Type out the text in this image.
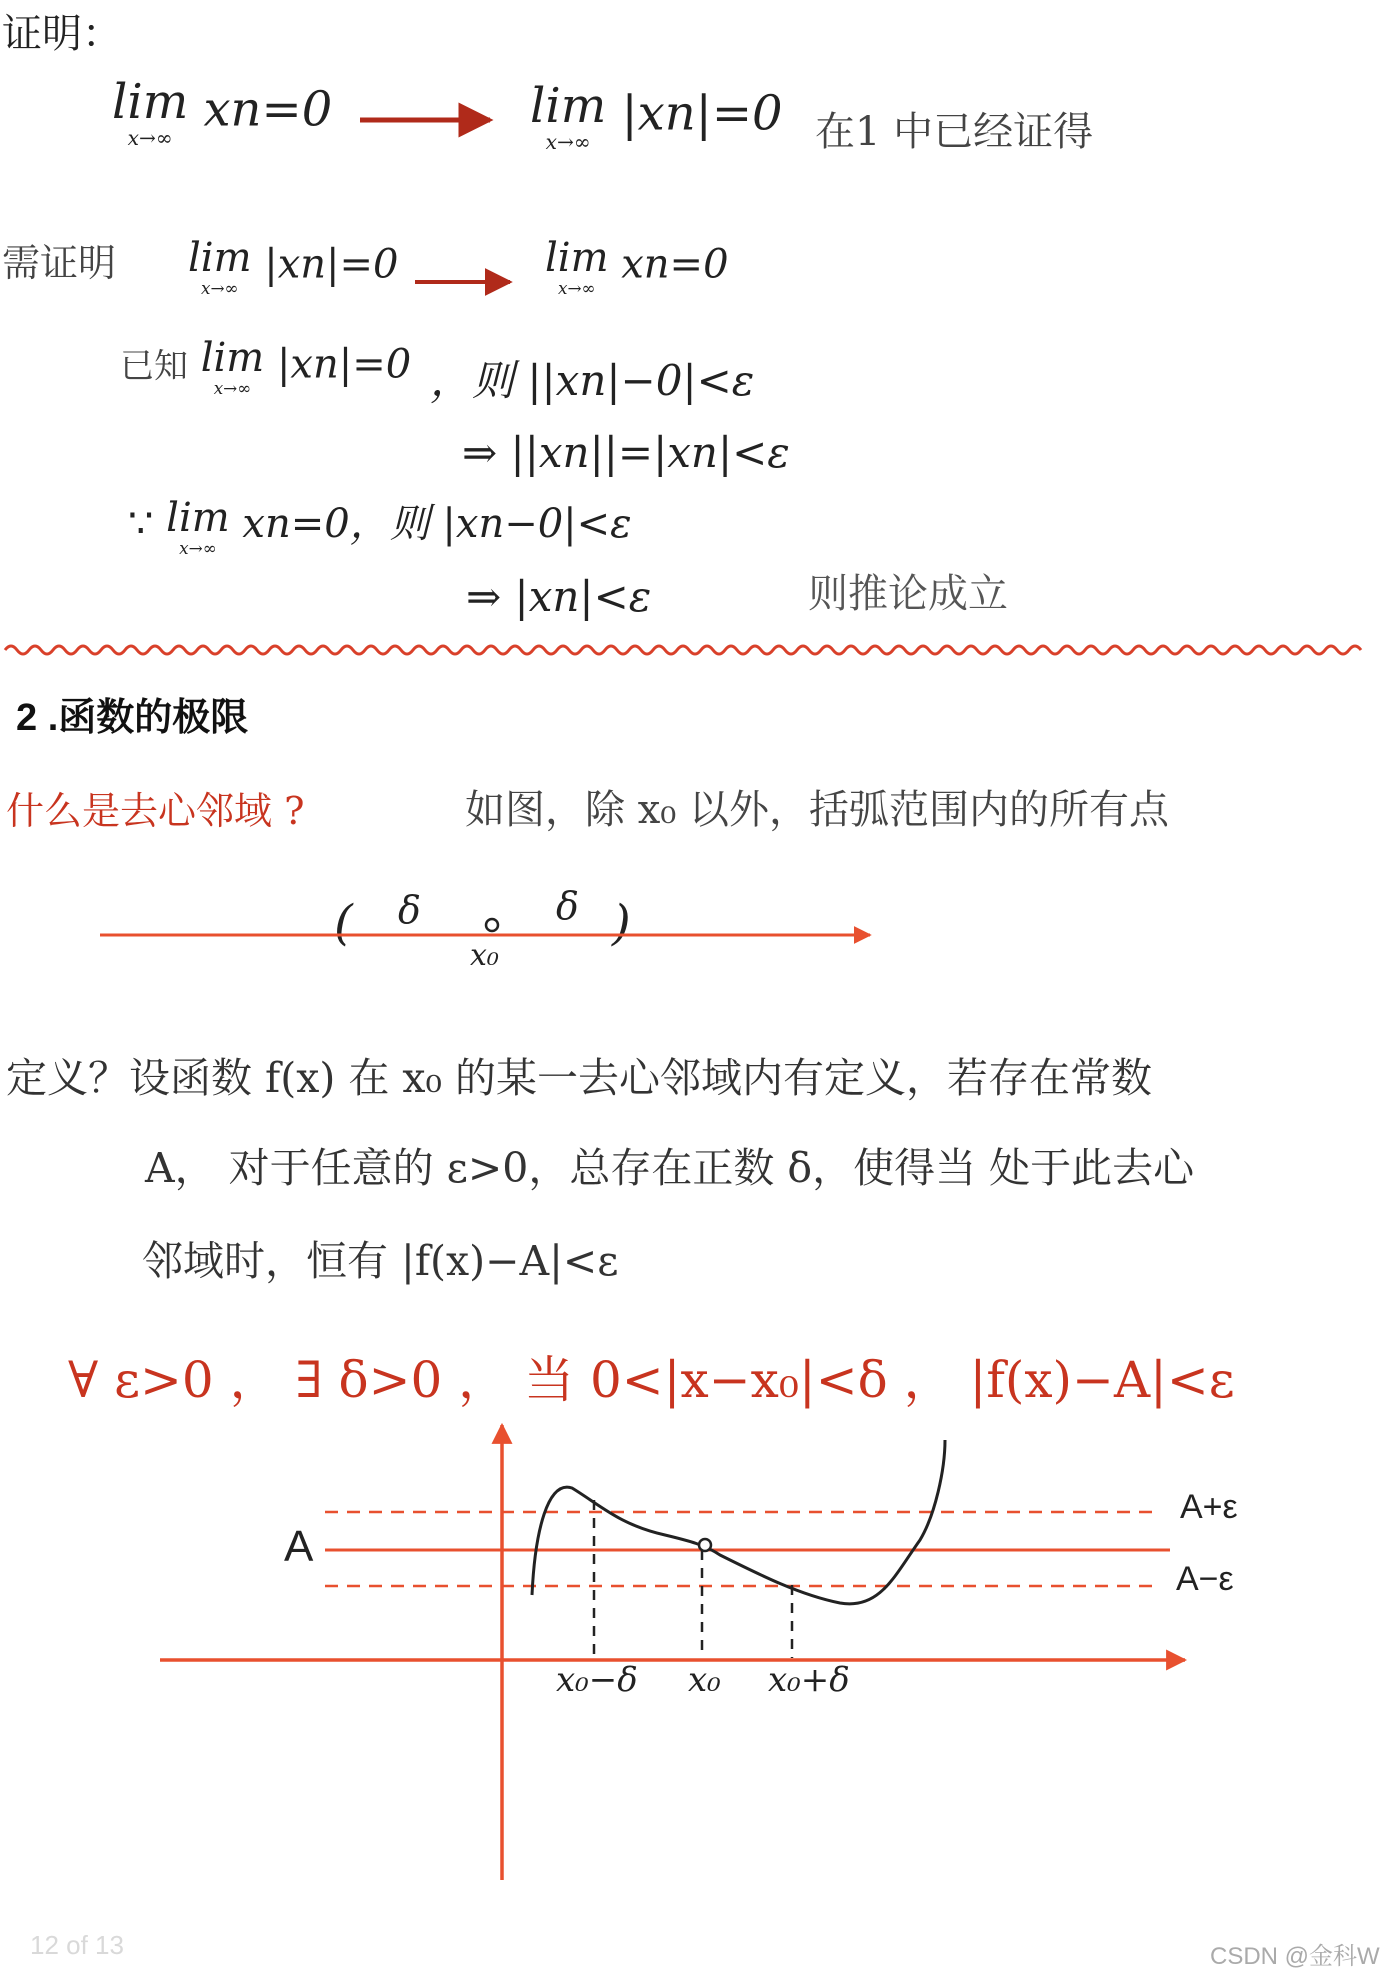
证明：
lim
x→∞
xn=0	lim
x→∞
|xn|=0 在1 中已经证得
需证明 lim
x→∞
|xn|=0	lim
x→∞
xn=0
已知 lim
x→∞
|xn|=0 ，则 ||xn|−0|<ε
⇒ ||xn||=|xn|<ε
∵ lim
x→∞
xn=0，则 |xn−0|<ε
⇒ |xn|<ε	则推论成立
2 .函数的极限
什么是去心邻域 ?	如图，除 x₀ 以外，括弧范围内的所有点
(	)
δ	δ
x₀
定义？设函数 f(x) 在 x₀ 的某一去心邻域内有定义，若存在常数
A， 对于任意的 ε>0，总存在正数 δ，使得当 处于此去心
邻域时，恒有 |f(x)−A|<ε
∀ ε>0 ， ∃ δ>0 ， 当 0<|x−x₀|<δ ， |f(x)−A|<ε
A
A+ε
A−ε
x₀−δ x₀ x₀+δ
12 of 13	CSDN @金科W
